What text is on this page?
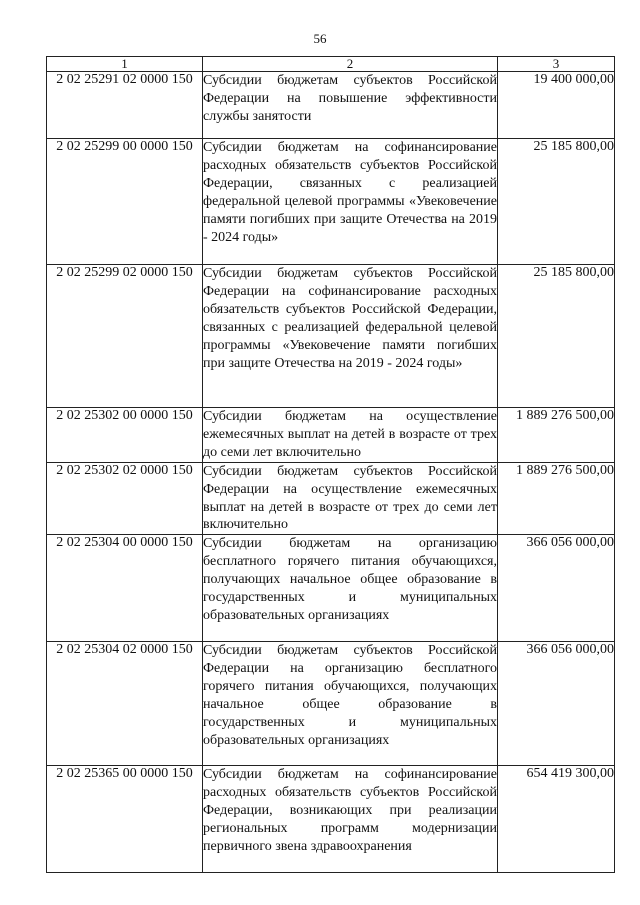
56
1	2	3
2 02 25291 02 0000 150	Субсидии бюджетам субъектов Российской Федерации на повышение эффективности службы занятости	19 400 000,00
2 02 25299 00 0000 150	Субсидии бюджетам на софинансирование расходных обязательств субъектов Российской Федерации, связанных с реализацией федеральной целевой программы «Увековечение памяти погибших при защите Отечества на 2019 - 2024 годы»	25 185 800,00
2 02 25299 02 0000 150	Субсидии бюджетам субъектов Российской Федерации на софинансирование расходных обязательств субъектов Российской Федерации, связанных с реализацией федеральной целевой программы «Увековечение памяти погибших при защите Отечества на 2019 - 2024 годы»	25 185 800,00
2 02 25302 00 0000 150	Субсидии бюджетам на осуществление ежемесячных выплат на детей в возрасте от трех до семи лет включительно	1 889 276 500,00
2 02 25302 02 0000 150	Субсидии бюджетам субъектов Российской Федерации на осуществление ежемесячных выплат на детей в возрасте от трех до семи лет включительно	1 889 276 500,00
2 02 25304 00 0000 150	Субсидии бюджетам на организацию бесплатного горячего питания обучающихся, получающих начальное общее образование в государственных и муниципальных образовательных организациях	366 056 000,00
2 02 25304 02 0000 150	Субсидии бюджетам субъектов Российской Федерации на организацию бесплатного горячего питания обучающихся, получающих начальное общее образование в государственных и муниципальных образовательных организациях	366 056 000,00
2 02 25365 00 0000 150	Субсидии бюджетам на софинансирование расходных обязательств субъектов Российской Федерации, возникающих при реализации региональных программ модернизации первичного звена здравоохранения	654 419 300,00
